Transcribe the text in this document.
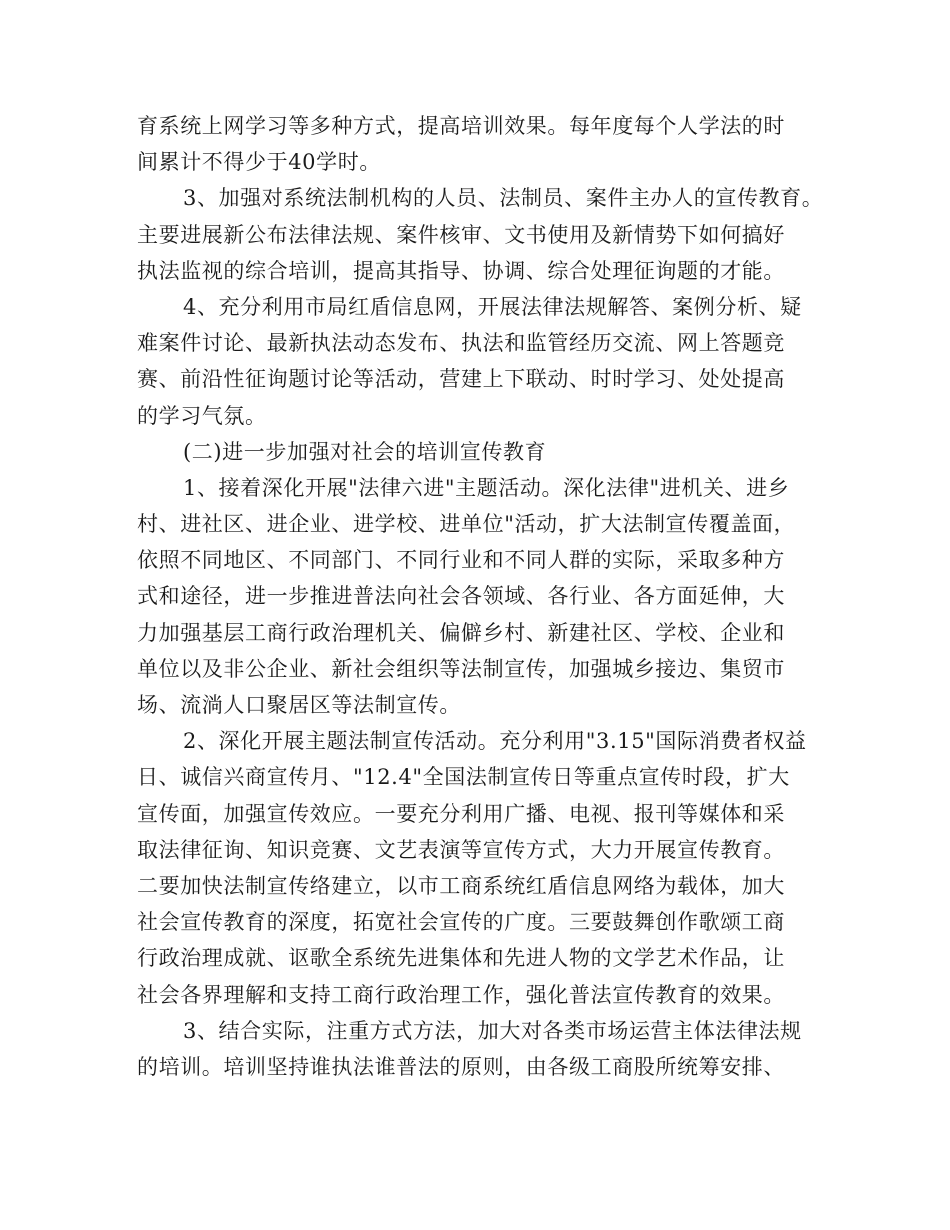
育系统上网学习等多种方式，提高培训效果。每年度每个人学法的时
间累计不得少于40学时。
3、加强对系统法制机构的人员、法制员、案件主办人的宣传教育。
主要进展新公布法律法规、案件核审、文书使用及新情势下如何搞好
执法监视的综合培训，提高其指导、协调、综合处理征询题的才能。
4、充分利用市局红盾信息网，开展法律法规解答、案例分析、疑
难案件讨论、最新执法动态发布、执法和监管经历交流、网上答题竞
赛、前沿性征询题讨论等活动，营建上下联动、时时学习、处处提高
的学习气氛。
(二)进一步加强对社会的培训宣传教育
1、接着深化开展"法律六进"主题活动。深化法律"进机关、进乡
村、进社区、进企业、进学校、进单位"活动，扩大法制宣传覆盖面，
依照不同地区、不同部门、不同行业和不同人群的实际，采取多种方
式和途径，进一步推进普法向社会各领域、各行业、各方面延伸，大
力加强基层工商行政治理机关、偏僻乡村、新建社区、学校、企业和
单位以及非公企业、新社会组织等法制宣传，加强城乡接边、集贸市
场、流淌人口聚居区等法制宣传。
2、深化开展主题法制宣传活动。充分利用"3.15"国际消费者权益
日、诚信兴商宣传月、"12.4"全国法制宣传日等重点宣传时段，扩大
宣传面，加强宣传效应。一要充分利用广播、电视、报刊等媒体和采
取法律征询、知识竞赛、文艺表演等宣传方式，大力开展宣传教育。
二要加快法制宣传络建立，以市工商系统红盾信息网络为载体，加大
社会宣传教育的深度，拓宽社会宣传的广度。三要鼓舞创作歌颂工商
行政治理成就、讴歌全系统先进集体和先进人物的文学艺术作品，让
社会各界理解和支持工商行政治理工作，强化普法宣传教育的效果。
3、结合实际，注重方式方法，加大对各类市场运营主体法律法规
的培训。培训坚持谁执法谁普法的原则，由各级工商股所统筹安排、
